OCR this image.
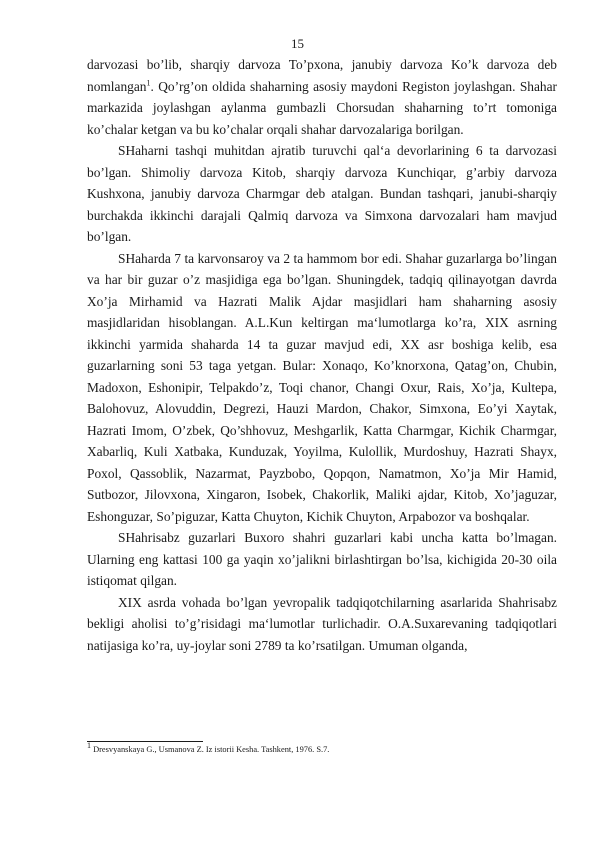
15

darvozasi bo’lib, sharqiy darvoza To’pxona, janubiy darvoza Ko’k darvoza deb nomlangan$^1$. Qo’rg’on oldida shaharning asosiy maydoni Registon joylashgan. Shahar markazida joylashgan aylanma gumbazli Chorsudan shaharning to’rt tomoniga ko’chalar ketgan va bu ko’chalar orqali shahar darvozalariga borilgan.

SHaharni tashqi muhitdan ajratib turuvchi qal‘a devorlarining 6 ta darvozasi bo’lgan. Shimoliy darvoza Kitob, sharqiy darvoza Kunchiqar, g’arbiy darvoza Kushxona, janubiy darvoza Charmgar deb atalgan. Bundan tashqari, janubi-sharqiy burchakda ikkinchi darajali Qalmiq darvoza va Simxona darvozalari ham mavjud bo’lgan.

SHaharda 7 ta karvonsaroy va 2 ta hammom bor edi. Shahar guzarlarga bo’lingan va har bir guzar o’z masjidiga ega bo’lgan. Shuningdek, tadqiq qilinayotgan davrda Xo’ja Mirhamid va Hazrati Malik Ajdar masjidlari ham shaharning asosiy masjidlaridan hisoblangan. A.L.Kun keltirgan ma‘lumotlarga ko’ra, XIX asrning ikkinchi yarmida shaharda 14 ta guzar mavjud edi, XX asr boshiga kelib, esa guzarlarning soni 53 taga yetgan. Bular: Xonaqo, Ko’knorxona, Qatag’on, Chubin, Madoxon, Eshonipir, Telpakdo’z, Toqi chanor, Changi Oxur, Rais, Xo’ja, Kultepa, Balohovuz, Alovuddin, Degrezi, Hauzi Mardon, Chakor, Simxona, Eo’yi Xaytak, Hazrati Imom, O’zbek, Qo’shhovuz, Meshgarlik, Katta Charmgar, Kichik Charmgar, Xabarliq, Kuli Xatbaka, Kunduzak, Yoyilma, Kulollik, Murdoshuy, Hazrati Shayx, Poxol, Qassoblik, Nazarmat, Payzbobo, Qopqon, Namatmon, Xo’ja Mir Hamid, Sutbozor, Jilovxona, Xingaron, Isobek, Chakorlik, Maliki ajdar, Kitob, Xo’jaguzar, Eshonguzar, So’piguzar, Katta Chuyton, Kichik Chuyton, Arpabozor va boshqalar.

SHahrisabz guzarlari Buxoro shahri guzarlari kabi uncha katta bo’lmagan. Ularning eng kattasi 100 ga yaqin xo’jalikni birlashtirgan bo’lsa, kichigida 20-30 oila istiqomat qilgan.

XIX asrda vohada bo’lgan yevropalik tadqiqotchilarning asarlarida Shahrisabz bekligi aholisi to’g’risidagi ma‘lumotlar turlichadir. O.A.Suxarevaning tadqiqotlari natijasiga ko’ra, uy-joylar soni 2789 ta ko’rsatilgan. Umuman olganda,

$^1$ Dresvyanskaya G., Usmanova Z. Iz istorii Kesha. Tashkent, 1976. S.7.
